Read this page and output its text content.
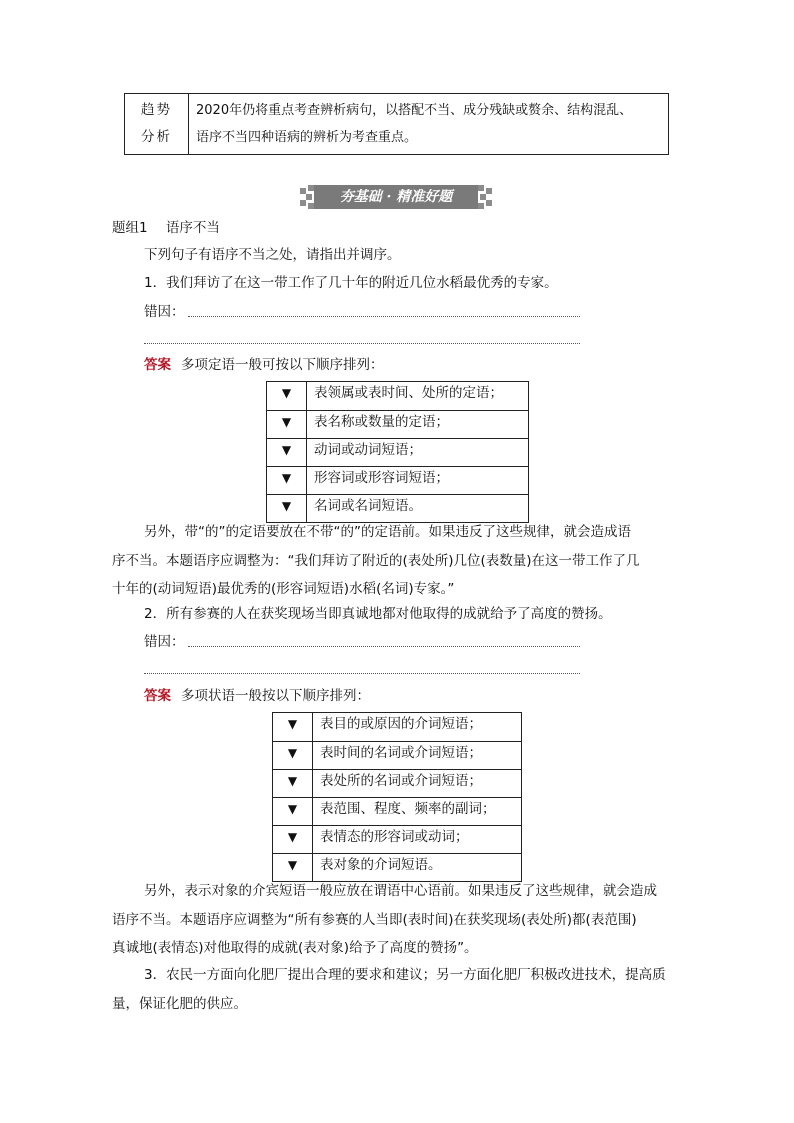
趋势
分析
2020年仍将重点考查辨析病句，以搭配不当、成分残缺或赘余、结构混乱、
语序不当四种语病的辨析为考查重点。
夯基础 · 精准好题
题组1 语序不当
下列句子有语序不当之处，请指出并调序。
1．我们拜访了在这一带工作了几十年的附近几位水稻最优秀的专家。
错因：
答案 多项定语一般可按以下顺序排列：
▼	表领属或表时间、处所的定语；
▼	表名称或数量的定语；
▼	动词或动词短语；
▼	形容词或形容词短语；
▼	名词或名词短语。
另外，带“的”的定语要放在不带“的”的定语前。如果违反了这些规律，就会造成语
序不当。本题语序应调整为：“我们拜访了附近的(表处所)几位(表数量)在这一带工作了几
十年的(动词短语)最优秀的(形容词短语)水稻(名词)专家。”
2．所有参赛的人在获奖现场当即真诚地都对他取得的成就给予了高度的赞扬。
错因：
答案 多项状语一般按以下顺序排列：
▼	表目的或原因的介词短语；
▼	表时间的名词或介词短语；
▼	表处所的名词或介词短语；
▼	表范围、程度、频率的副词；
▼	表情态的形容词或动词；
▼	表对象的介词短语。
另外，表示对象的介宾短语一般应放在谓语中心语前。如果违反了这些规律，就会造成
语序不当。本题语序应调整为“所有参赛的人当即(表时间)在获奖现场(表处所)都(表范围)
真诚地(表情态)对他取得的成就(表对象)给予了高度的赞扬”。
3．农民一方面向化肥厂提出合理的要求和建议；另一方面化肥厂积极改进技术，提高质
量，保证化肥的供应。
